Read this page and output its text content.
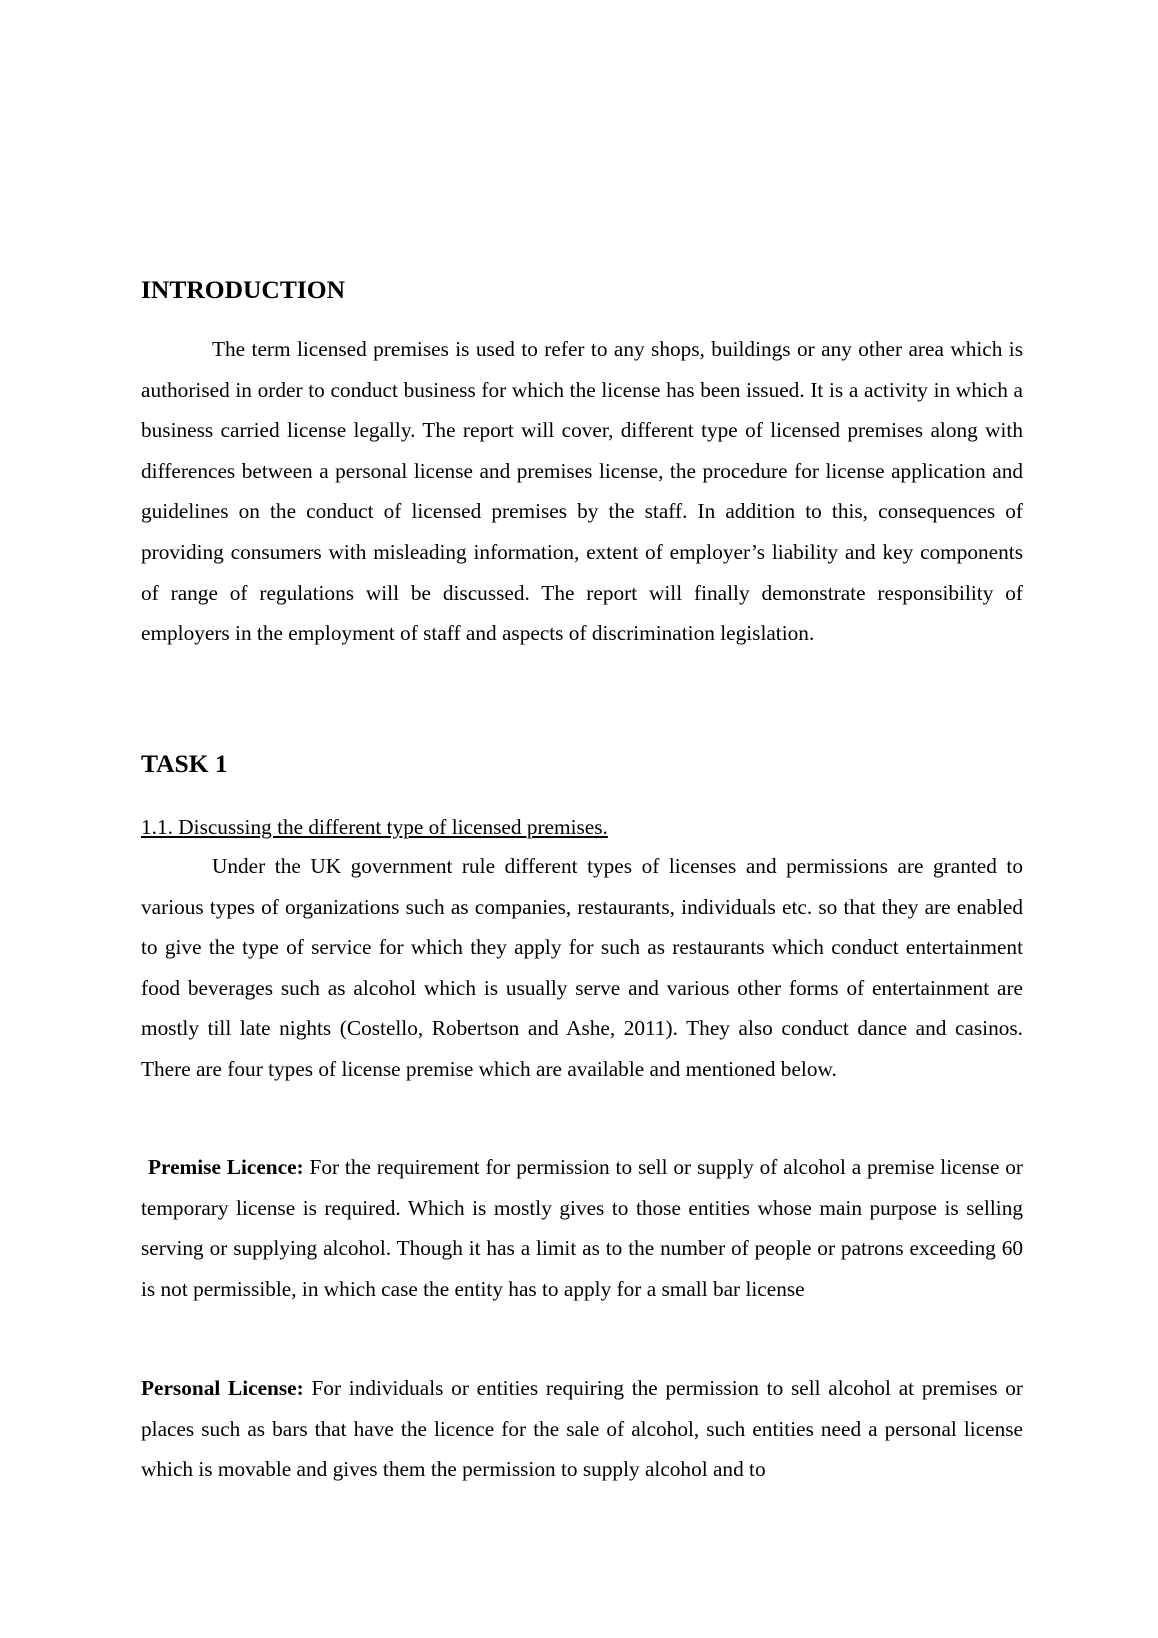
INTRODUCTION

The term licensed premises is used to refer to any shops, buildings or any other area which is authorised in order to conduct business for which the license has been issued. It is a activity in which a business carried license legally. The report will cover, different type of licensed premises along with differences between a personal license and premises license, the procedure for license application and guidelines on the conduct of licensed premises by the staff. In addition to this, consequences of providing consumers with misleading information, extent of employer’s liability and key components of range of regulations will be discussed. The report will finally demonstrate responsibility of employers in the employment of staff and aspects of discrimination legislation.

TASK 1

1.1. Discussing the different type of licensed premises.

Under the UK government rule different types of licenses and permissions are granted to various types of organizations such as companies, restaurants, individuals etc. so that they are enabled to give the type of service for which they apply for such as restaurants which conduct entertainment food beverages such as alcohol which is usually serve and various other forms of entertainment are mostly till late nights (Costello, Robertson and Ashe, 2011). They also conduct dance and casinos. There are four types of license premise which are available and mentioned below.

Premise Licence: For the requirement for permission to sell or supply of alcohol a premise license or temporary license is required. Which is mostly gives to those entities whose main purpose is selling serving or supplying alcohol. Though it has a limit as to the number of people or patrons exceeding 60 is not permissible, in which case the entity has to apply for a small bar license

Personal License: For individuals or entities requiring the permission to sell alcohol at premises or places such as bars that have the licence for the sale of alcohol, such entities need a personal license which is movable and gives them the permission to supply alcohol and to
